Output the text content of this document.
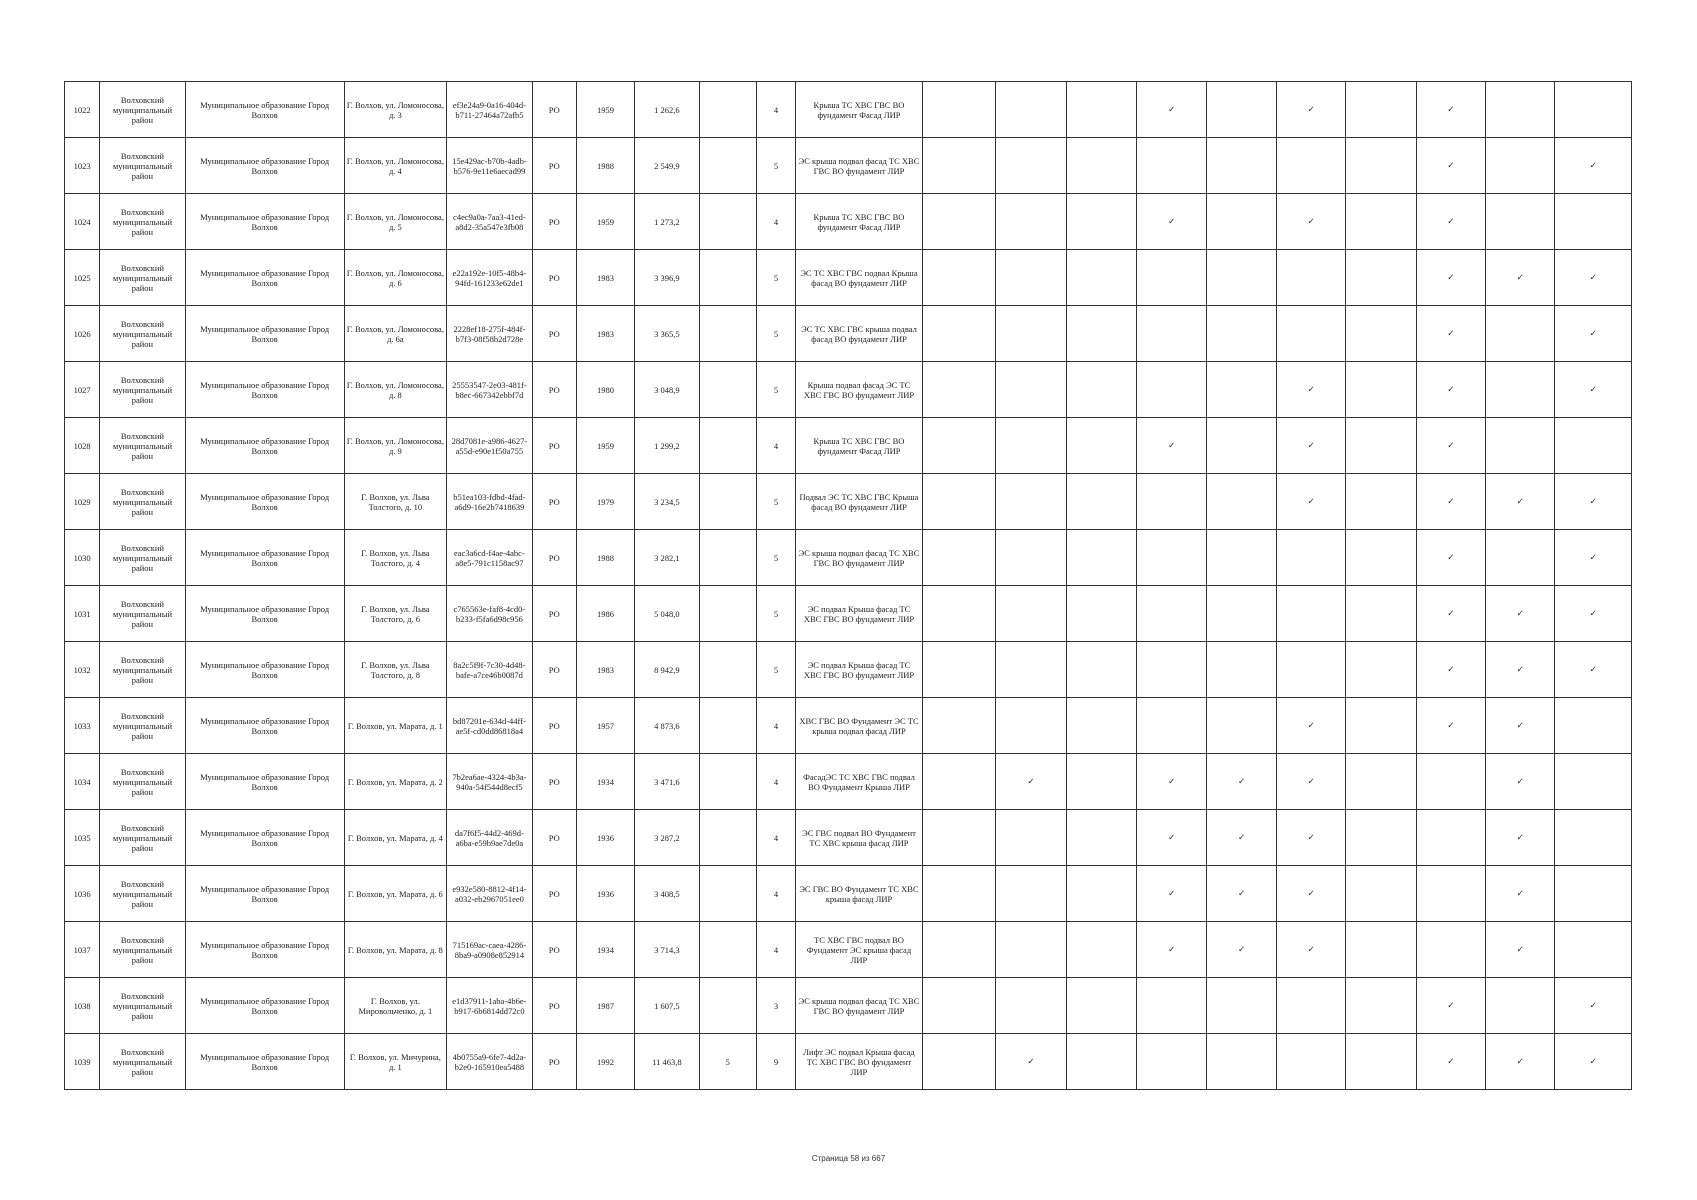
1022	Волховский муниципальный район	Муниципальное образование Город Волхов	Г. Волхов, ул. Ломоносова, д. 3	ef3e24a9-0a16-404d-b711-27464a72afb5	РО	1959	1 262,6		4	Крыша ТС ХВС ГВС ВО фундамент Фасад ЛИР				✓		✓		✓		
1023	Волховский муниципальный район	Муниципальное образование Город Волхов	Г. Волхов, ул. Ломоносова, д. 4	15e429ac-b70b-4adb-b576-9e11e6aecad99	РО	1988	2 549,9		5	ЭС крыша подвал фасад ТС ХВС ГВС ВО фундамент ЛИР								✓		✓
1024	Волховский муниципальный район	Муниципальное образование Город Волхов	Г. Волхов, ул. Ломоносова, д. 5	c4ec9a0a-7aa3-41ed-a8d2-35a547e3fb08	РО	1959	1 273,2		4	Крыша ТС ХВС ГВС ВО фундамент Фасад ЛИР				✓		✓		✓		
1025	Волховский муниципальный район	Муниципальное образование Город Волхов	Г. Волхов, ул. Ломоносова, д. 6	e22a192e-10f5-48b4-94fd-161233e62de1	РО	1983	3 396,9		5	ЭС ТС ХВС ГВС подвал Крыша фасад ВО фундамент ЛИР								✓	✓	✓
1026	Волховский муниципальный район	Муниципальное образование Город Волхов	Г. Волхов, ул. Ломоносова, д. 6а	2228ef18-275f-484f-b7f3-08f58b2d728e	РО	1983	3 365,5		5	ЭС ТС ХВС ГВС крыша подвал фасад ВО фундамент ЛИР								✓		✓
1027	Волховский муниципальный район	Муниципальное образование Город Волхов	Г. Волхов, ул. Ломоносова, д. 8	25553547-2e03-481f-b8ec-667342ebbf7d	РО	1980	3 048,9		5	Крыша подвал фасад ЭС ТС ХВС ГВС ВО фундамент ЛИР						✓		✓		✓
1028	Волховский муниципальный район	Муниципальное образование Город Волхов	Г. Волхов, ул. Ломоносова, д. 9	28d7081e-a986-4627-a55d-e90e1f50a755	РО	1959	1 299,2		4	Крыша ТС ХВС ГВС ВО фундамент Фасад ЛИР				✓		✓		✓		
1029	Волховский муниципальный район	Муниципальное образование Город Волхов	Г. Волхов, ул. Льва Толстого, д. 10	b51ea103-fdbd-4fad-a6d9-16e2b7418639	РО	1979	3 234,5		5	Подвал ЭС ТС ХВС ГВС Крыша фасад ВО фундамент ЛИР						✓		✓	✓	✓
1030	Волховский муниципальный район	Муниципальное образование Город Волхов	Г. Волхов, ул. Льва Толстого, д. 4	eac3a6cd-f4ae-4abc-a8e5-791c1158ac97	РО	1988	3 282,1		5	ЭС крыша подвал фасад ТС ХВС ГВС ВО фундамент ЛИР								✓		✓
1031	Волховский муниципальный район	Муниципальное образование Город Волхов	Г. Волхов, ул. Льва Толстого, д. 6	c765563e-faf8-4cd0-b233-f5fa6d98c956	РО	1986	5 048,0		5	ЭС подвал Крыша фасад ТС ХВС ГВС ВО фундамент ЛИР								✓	✓	✓
1032	Волховский муниципальный район	Муниципальное образование Город Волхов	Г. Волхов, ул. Льва Толстого, д. 8	8a2c5f9f-7c30-4d48-bafe-a7ce46b0087d	РО	1983	8 942,9		5	ЭС подвал Крыша фасад ТС ХВС ГВС ВО фундамент ЛИР								✓	✓	✓
1033	Волховский муниципальный район	Муниципальное образование Город Волхов	Г. Волхов, ул. Марата, д. 1	bd87201e-634d-44ff-ae5f-cd0dd86818a4	РО	1957	4 873,6		4	ХВС ГВС ВО Фундамент ЭС ТС крыша подвал фасад ЛИР						✓		✓	✓	
1034	Волховский муниципальный район	Муниципальное образование Город Волхов	Г. Волхов, ул. Марата, д. 2	7b2ea6ae-4324-4b3a-940a-54f544d8ecf5	РО	1934	3 471,6		4	ФасадЭС ТС ХВС ГВС подвал ВО Фундамент Крыша ЛИР		✓		✓	✓	✓			✓	
1035	Волховский муниципальный район	Муниципальное образование Город Волхов	Г. Волхов, ул. Марата, д. 4	da7f6f5-44d2-469d-a6ba-e59b9ae7de0a	РО	1936	3 287,2		4	ЭС ГВС подвал ВО Фундамент ТС ХВС крыша фасад ЛИР				✓	✓	✓			✓	
1036	Волховский муниципальный район	Муниципальное образование Город Волхов	Г. Волхов, ул. Марата, д. 6	e932e580-8812-4f14-a032-eb2967051ee0	РО	1936	3 408,5		4	ЭС ГВС ВО Фундамент ТС ХВС крыша фасад ЛИР				✓	✓	✓			✓	
1037	Волховский муниципальный район	Муниципальное образование Город Волхов	Г. Волхов, ул. Марата, д. 8	715169ac-caea-4286-8ba9-a0908e852914	РО	1934	3 714,3		4	ТС ХВС ГВС подвал ВО Фундамент ЭС крыша фасад ЛИР				✓	✓	✓			✓	
1038	Волховский муниципальный район	Муниципальное образование Город Волхов	Г. Волхов, ул. Мировольченко, д. 1	e1d37911-1aba-4b6e-b917-6b6814dd72c0	РО	1987	1 607,5		3	ЭС крыша подвал фасад ТС ХВС ГВС ВО фундамент ЛИР								✓		✓
1039	Волховский муниципальный район	Муниципальное образование Город Волхов	Г. Волхов, ул. Мичурина, д. 1	4b0755a9-6fe7-4d2a-b2e0-165910ea5488	РО	1992	11 463,8	5	9	Лифт ЭС подвал Крыша фасад ТС ХВС ГВС ВО фундамент ЛИР		✓						✓	✓	✓
Страница 58 из 667
